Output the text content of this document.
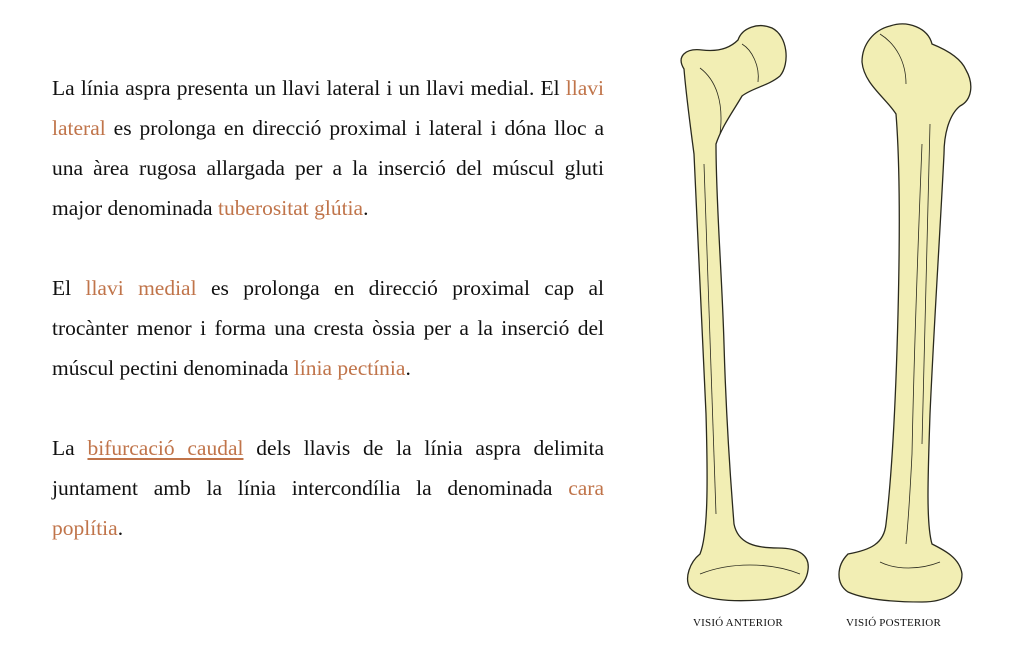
La línia aspra presenta un llavi lateral i un llavi medial. El llavi lateral es prolonga en direcció proximal i lateral i dóna lloc a una àrea rugosa allargada per a la inserció del múscul gluti major denominada tuberositat glútia.

El llavi medial es prolonga en direcció proximal cap al trocànter menor i forma una cresta òssia per a la inserció del múscul pectini denominada línia pectínia.

La bifurcació caudal dels llavis de la línia aspra delimita juntament amb la línia intercondília la denominada cara poplítia.

VISIÓ ANTERIOR	VISIÓ POSTERIOR
